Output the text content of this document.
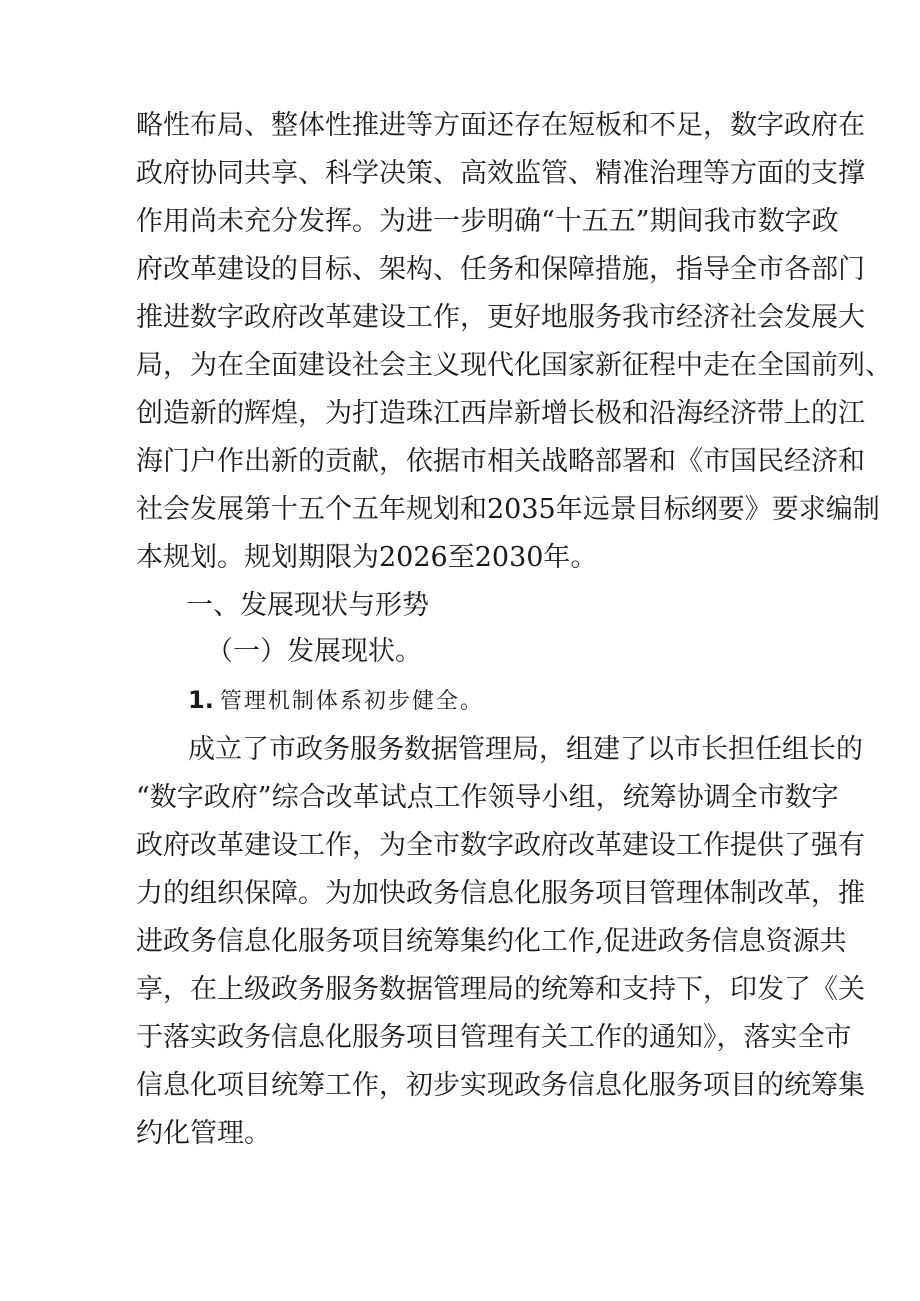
略性布局、整体性推进等方面还存在短板和不足，数字政府在
政府协同共享、科学决策、高效监管、精准治理等方面的支撑
作用尚未充分发挥。为进一步明确“十五五”期间我市数字政
府改革建设的目标、架构、任务和保障措施，指导全市各部门
推进数字政府改革建设工作，更好地服务我市经济社会发展大
局，为在全面建设社会主义现代化国家新征程中走在全国前列、
创造新的辉煌，为打造珠江西岸新增长极和沿海经济带上的江
海门户作出新的贡献，依据市相关战略部署和《市国民经济和
社会发展第十五个五年规划和2035年远景目标纲要》要求编制
本规划。规划期限为2026至2030年。
一、发展现状与形势
（一）发展现状。
1. 管理机制体系初步健全。
成立了市政务服务数据管理局，组建了以市长担任组长的
“数字政府”综合改革试点工作领导小组，统筹协调全市数字
政府改革建设工作，为全市数字政府改革建设工作提供了强有
力的组织保障。为加快政务信息化服务项目管理体制改革，推
进政务信息化服务项目统筹集约化工作,促进政务信息资源共
享，在上级政务服务数据管理局的统筹和支持下，印发了《关
于落实政务信息化服务项目管理有关工作的通知》，落实全市
信息化项目统筹工作，初步实现政务信息化服务项目的统筹集
约化管理。
